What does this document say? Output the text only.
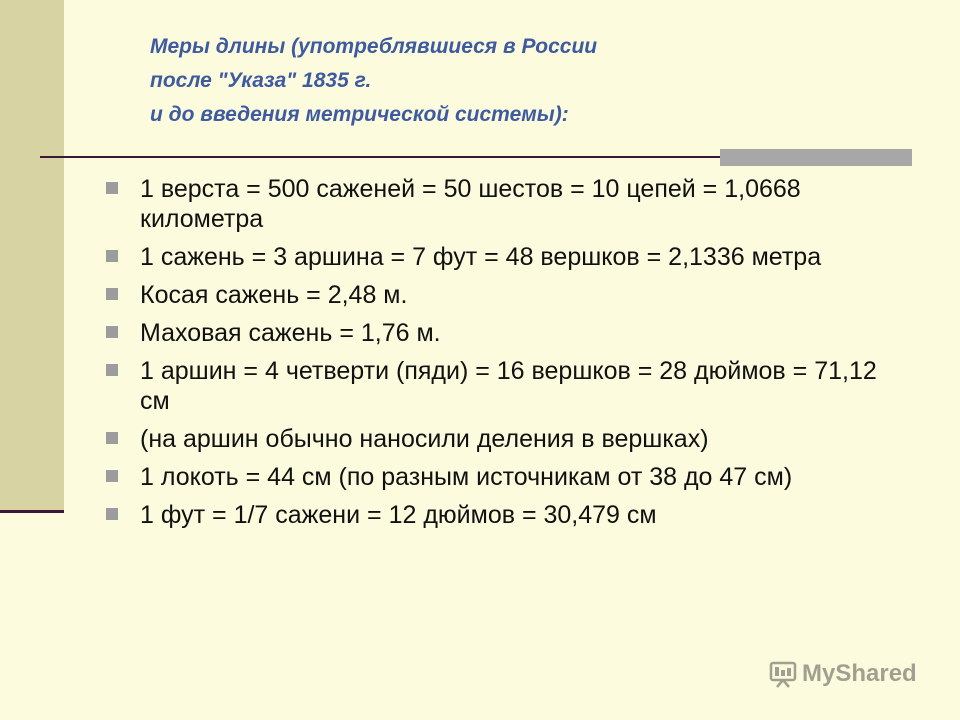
Меры длины (употреблявшиеся в России
после "Указа" 1835 г.
и до введения метрической системы):
1 верста = 500 саженей = 50 шестов = 10 цепей = 1,0668 километра
1 сажень = 3 аршина = 7 фут = 48 вершков = 2,1336 метра
Косая сажень = 2,48 м.
Маховая сажень = 1,76 м.
1 аршин = 4 четверти (пяди) = 16 вершков = 28 дюймов = 71,12 см
(на аршин обычно наносили деления в вершках)
1 локоть = 44 см (по разным источникам от 38 до 47 см)
1 фут = 1/7 сажени = 12 дюймов = 30,479 см
MyShared
